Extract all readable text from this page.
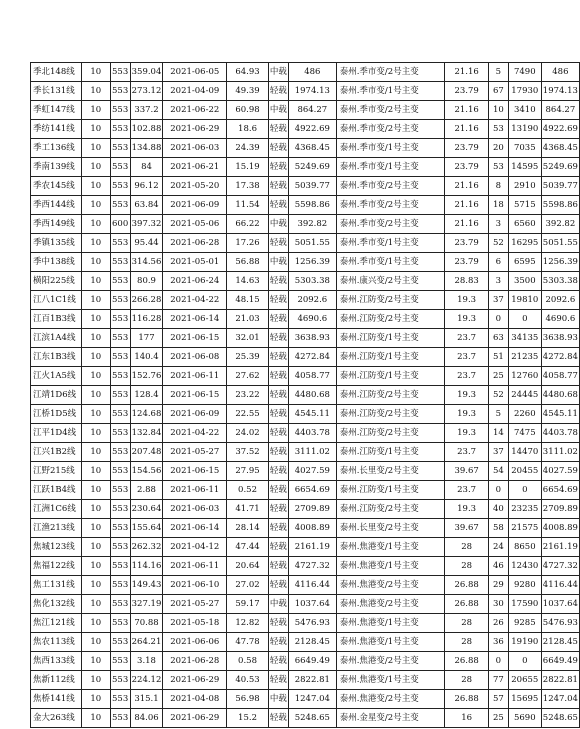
季北148线	10	553	359.04	2021-06-05	64.93	中载	486	泰州.季市变/2号主变	21.16	5	7490	486
季长131线	10	553	273.12	2021-04-09	49.39	轻载	1974.13	泰州.季市变/1号主变	23.79	67	17930	1974.13
季虹147线	10	553	337.2	2021-06-22	60.98	中载	864.27	泰州.季市变/2号主变	21.16	10	3410	864.27
季纺141线	10	553	102.88	2021-06-29	18.6	轻载	4922.69	泰州.季市变/2号主变	21.16	53	13190	4922.69
季工136线	10	553	134.88	2021-06-03	24.39	轻载	4368.45	泰州.季市变/1号主变	23.79	20	7035	4368.45
季南139线	10	553	84	2021-06-21	15.19	轻载	5249.69	泰州.季市变/1号主变	23.79	53	14595	5249.69
季农145线	10	553	96.12	2021-05-20	17.38	轻载	5039.77	泰州.季市变/2号主变	21.16	8	2910	5039.77
季西144线	10	553	63.84	2021-06-09	11.54	轻载	5598.86	泰州.季市变/2号主变	21.16	18	5715	5598.86
季西149线	10	600	397.32	2021-05-06	66.22	中载	392.82	泰州.季市变/2号主变	21.16	3	6560	392.82
季镇135线	10	553	95.44	2021-06-28	17.26	轻载	5051.55	泰州.季市变/1号主变	23.79	52	16295	5051.55
季中138线	10	553	314.56	2021-05-01	56.88	中载	1256.39	泰州.季市变/1号主变	23.79	6	6595	1256.39
横阳225线	10	553	80.9	2021-06-24	14.63	轻载	5303.38	泰州.康兴变/2号主变	28.83	3	3500	5303.38
江八1C1线	10	553	266.28	2021-04-22	48.15	轻载	2092.6	泰州.江防变/2号主变	19.3	37	19810	2092.6
江百1B3线	10	553	116.28	2021-06-14	21.03	轻载	4690.6	泰州.江防变/2号主变	19.3	0	0	4690.6
江滨1A4线	10	553	177	2021-06-15	32.01	轻载	3638.93	泰州.江防变/1号主变	23.7	63	34135	3638.93
江东1B3线	10	553	140.4	2021-06-08	25.39	轻载	4272.84	泰州.江防变/1号主变	23.7	51	21235	4272.84
江火1A5线	10	553	152.76	2021-06-11	27.62	轻载	4058.77	泰州.江防变/1号主变	23.7	25	12760	4058.77
江靖1D6线	10	553	128.4	2021-06-15	23.22	轻载	4480.68	泰州.江防变/2号主变	19.3	52	24445	4480.68
江桥1D5线	10	553	124.68	2021-06-09	22.55	轻载	4545.11	泰州.江防变/2号主变	19.3	5	2260	4545.11
江平1D4线	10	553	132.84	2021-04-22	24.02	轻载	4403.78	泰州.江防变/2号主变	19.3	14	7475	4403.78
江兴1B2线	10	553	207.48	2021-05-27	37.52	轻载	3111.02	泰州.江防变/1号主变	23.7	37	14470	3111.02
江野215线	10	553	154.56	2021-06-15	27.95	轻载	4027.59	泰州.长里变/2号主变	39.67	54	20455	4027.59
江跃1B4线	10	553	2.88	2021-06-11	0.52	轻载	6654.69	泰州.江防变/1号主变	23.7	0	0	6654.69
江洲1C6线	10	553	230.64	2021-06-03	41.71	轻载	2709.89	泰州.江防变/2号主变	19.3	40	23235	2709.89
江渔213线	10	553	155.64	2021-06-14	28.14	轻载	4008.89	泰州.长里变/2号主变	39.67	58	21575	4008.89
焦城123线	10	553	262.32	2021-04-12	47.44	轻载	2161.19	泰州.焦港变/1号主变	28	24	8650	2161.19
焦福122线	10	553	114.16	2021-06-11	20.64	轻载	4727.32	泰州.焦港变/1号主变	28	46	12430	4727.32
焦工131线	10	553	149.43	2021-06-10	27.02	轻载	4116.44	泰州.焦港变/2号主变	26.88	29	9280	4116.44
焦化132线	10	553	327.19	2021-05-27	59.17	中载	1037.64	泰州.焦港变/2号主变	26.88	30	17590	1037.64
焦江121线	10	553	70.88	2021-05-18	12.82	轻载	5476.93	泰州.焦港变/1号主变	28	26	9285	5476.93
焦农113线	10	553	264.21	2021-06-06	47.78	轻载	2128.45	泰州.焦港变/1号主变	28	36	19190	2128.45
焦西133线	10	553	3.18	2021-06-28	0.58	轻载	6649.49	泰州.焦港变/2号主变	26.88	0	0	6649.49
焦新112线	10	553	224.12	2021-06-29	40.53	轻载	2822.81	泰州.焦港变/1号主变	28	77	20655	2822.81
焦桥141线	10	553	315.1	2021-04-08	56.98	中载	1247.04	泰州.焦港变/2号主变	26.88	57	15695	1247.04
金大263线	10	553	84.06	2021-06-29	15.2	轻载	5248.65	泰州.金星变/2号主变	16	25	5690	5248.65
